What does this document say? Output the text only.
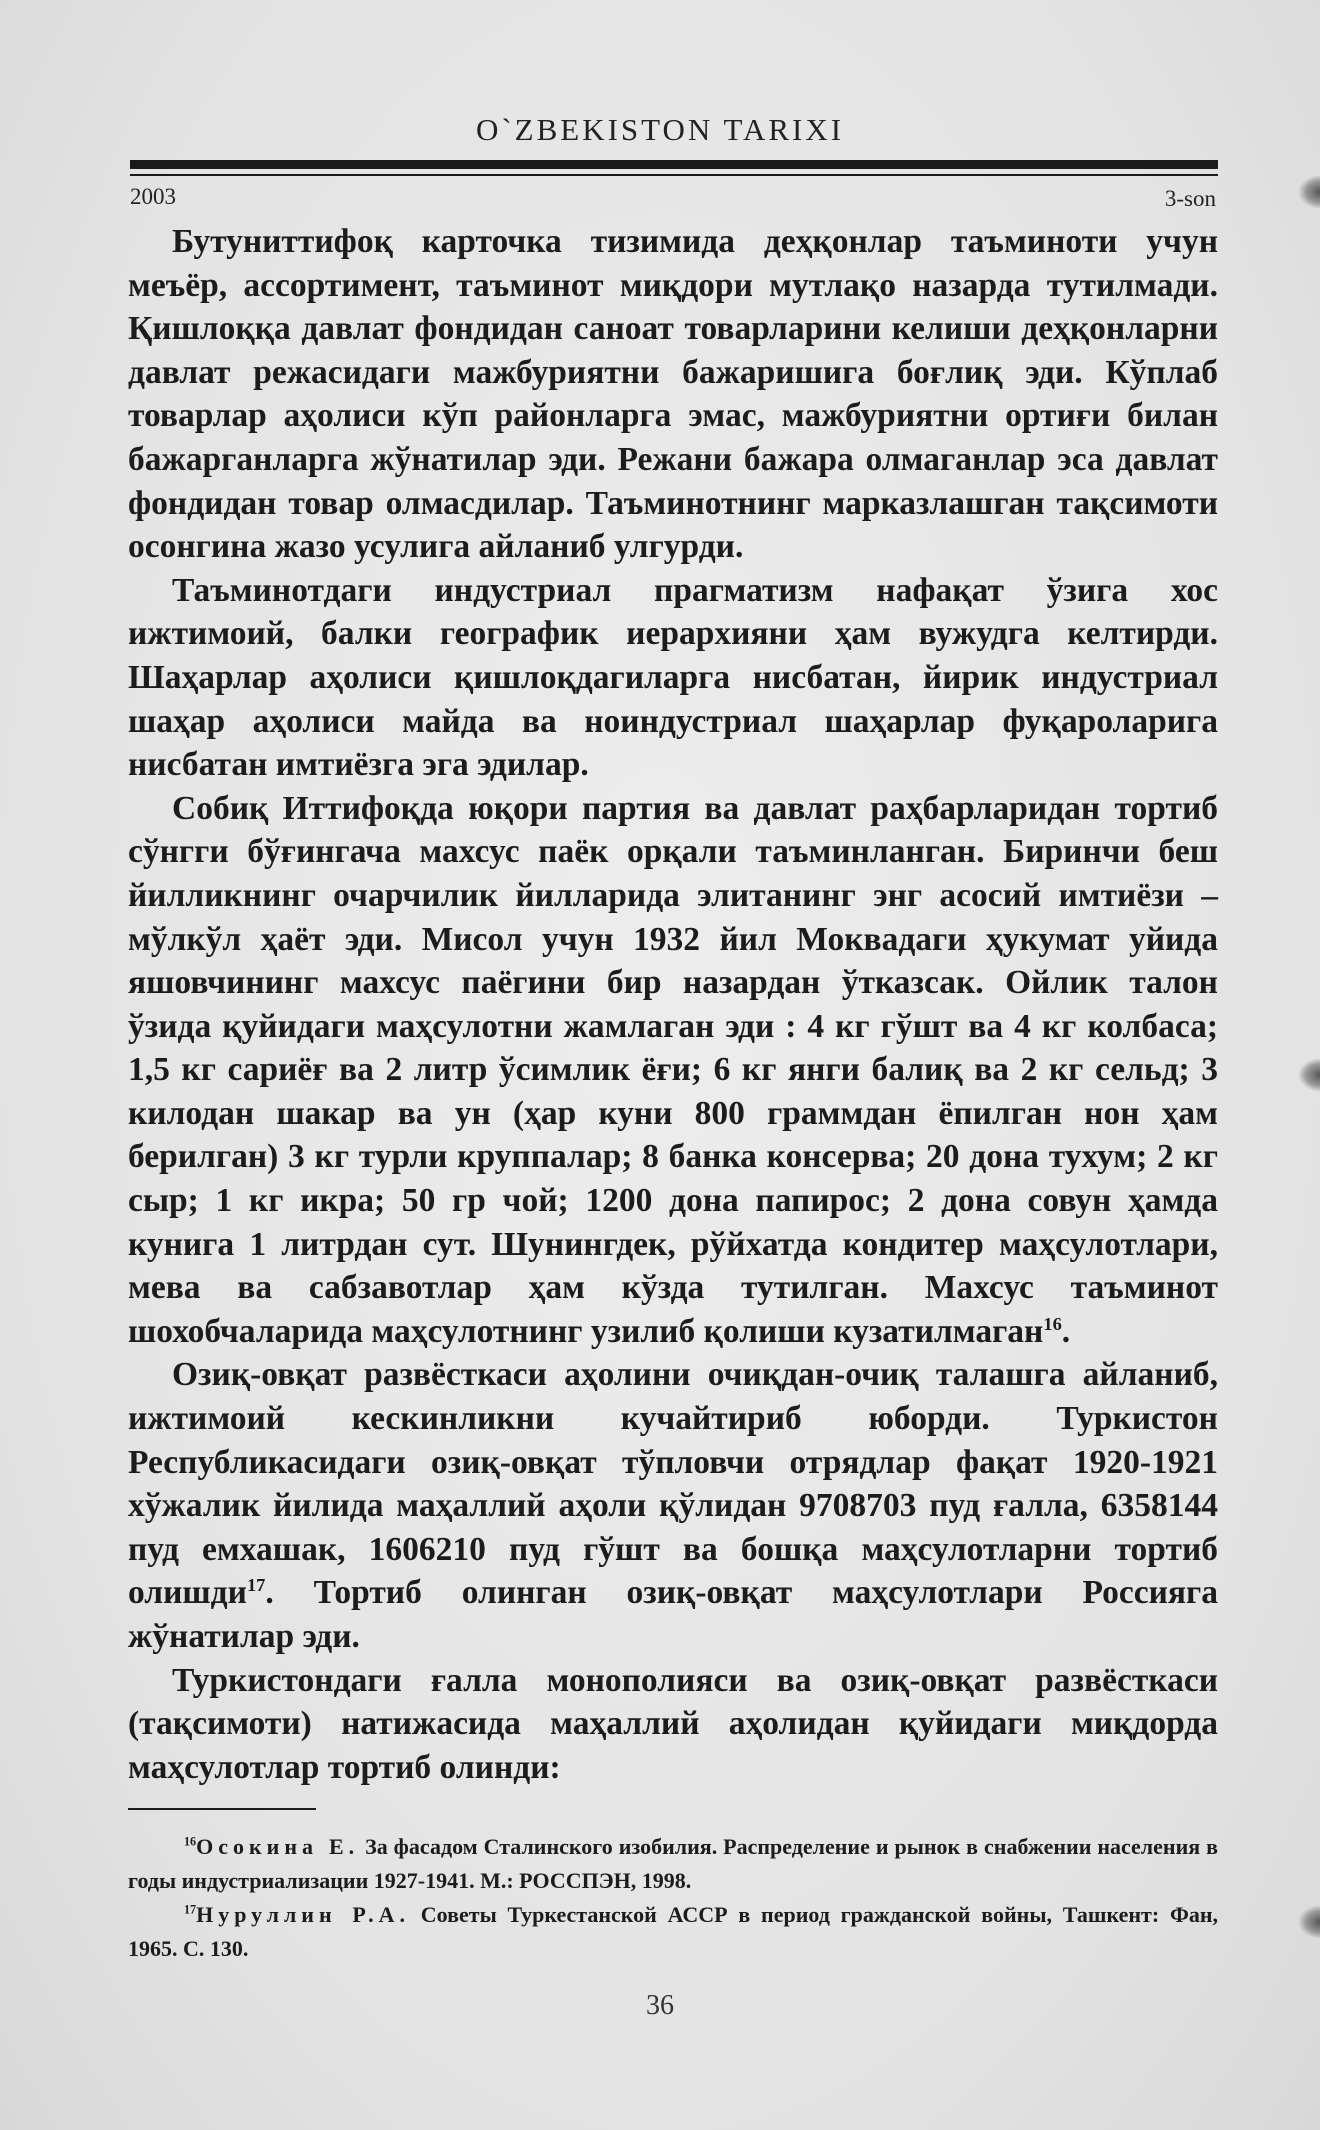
O`ZBEKISTON TARIXI
2003	3-son

Бутуниттифоқ карточка тизимида деҳқонлар таъминоти учун меъёр, ассортимент, таъминот миқдори мутлақо назарда тутилмади. Қишлоққа давлат фондидан саноат товарларини келиши деҳқонларни давлат режасидаги мажбуриятни бажаришига боғлиқ эди. Кўплаб товарлар аҳолиси кўп районларга эмас, мажбуриятни ортиғи билан бажарганларга жўнатилар эди. Режани бажара олмаганлар эса давлат фондидан товар олмасдилар. Таъминотнинг марказлашган тақсимоти осонгина жазо усулига айланиб улгурди.

Таъминотдаги индустриал прагматизм нафақат ўзига хос ижтимоий, балки географик иерархияни ҳам вужудга келтирди. Шаҳарлар аҳолиси қишлоқдагиларга нисбатан, йирик индустриал шаҳар аҳолиси майда ва ноиндустриал шаҳарлар фуқароларига нисбатан имтиёзга эга эдилар.

Собиқ Иттифоқда юқори партия ва давлат раҳбарларидан тортиб сўнгги бўғингача махсус паёк орқали таъминланган. Биринчи беш йилликнинг очарчилик йилларида элитанинг энг асосий имтиёзи – мўлкўл ҳаёт эди. Мисол учун 1932 йил Моквадаги ҳукумат уйида яшовчининг махсус паёгини бир назардан ўтказсак. Ойлик талон ўзида қуйидаги маҳсулотни жамлаган эди : 4 кг гўшт ва 4 кг колбаса; 1,5 кг сариёғ ва 2 литр ўсимлик ёғи; 6 кг янги балиқ ва 2 кг сельд; 3 килодан шакар ва ун (ҳар куни 800 граммдан ёпилган нон ҳам берилган) 3 кг турли круппалар; 8 банка консерва; 20 дона тухум; 2 кг сыр; 1 кг икра; 50 гр чой; 1200 дона папирос; 2 дона совун ҳамда кунига 1 литрдан сут. Шунингдек, рўйхатда кондитер маҳсулотлари, мева ва сабзавотлар ҳам кўзда тутилган. Махсус таъминот шохобчаларида маҳсулотнинг узилиб қолиши кузатилмаган$^{16}$.

Озиқ-овқат развёсткаси аҳолини очиқдан-очиқ талашга айланиб, ижтимоий кескинликни кучайтириб юборди. Туркистон Республикасидаги озиқ-овқат тўпловчи отрядлар фақат 1920-1921 хўжалик йилида маҳаллий аҳоли қўлидан 9708703 пуд ғалла, 6358144 пуд емхашак, 1606210 пуд гўшт ва бошқа маҳсулотларни тортиб олишди$^{17}$. Тортиб олинган озиқ-овқат маҳсулотлари Россияга жўнатилар эди.

Туркистондаги ғалла монополияси ва озиқ-овқат развёсткаси (тақсимоти) натижасида маҳаллий аҳолидан қуйидаги миқдорда маҳсулотлар тортиб олинди:

$^{16}$Осокина Е. За фасадом Сталинского изобилия. Распределение и рынок в снабжении населения в годы индустриализации 1927-1941. М.: РОССПЭН, 1998.

$^{17}$Нуруллин Р.А. Советы Туркестанской АССР в период гражданской войны, Ташкент: Фан, 1965. С. 130.

36
